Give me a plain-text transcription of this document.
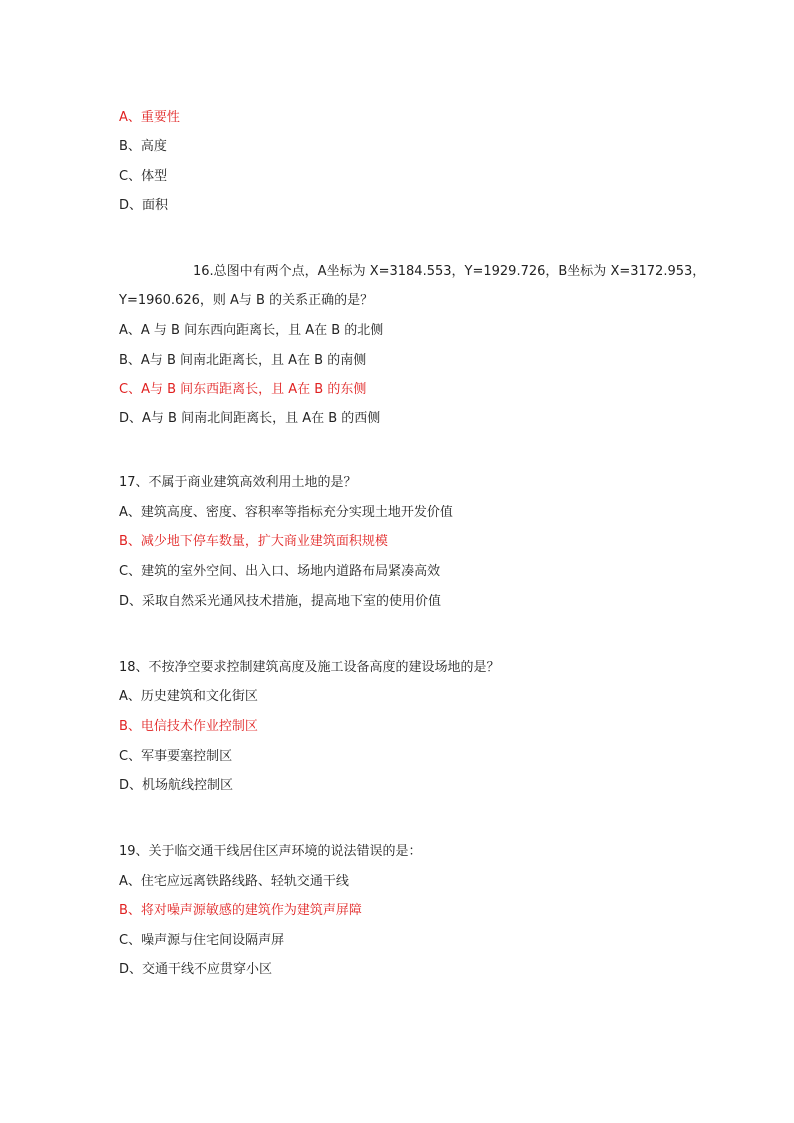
A、重要性
B、高度
C、体型
D、面积
16.总图中有两个点，A坐标为 X=3184.553，Y=1929.726，B坐标为 X=3172.953，
Y=1960.626，则 A与 B 的关系正确的是？
A、A 与 B 间东西向距离长，且 A在 B 的北侧
B、A与 B 间南北距离长，且 A在 B 的南侧
C、A与 B 间东西距离长，且 A在 B 的东侧
D、A与 B 间南北间距离长，且 A在 B 的西侧
17、不属于商业建筑高效利用土地的是？
A、建筑高度、密度、容积率等指标充分实现土地开发价值
B、减少地下停车数量，扩大商业建筑面积规模
C、建筑的室外空间、出入口、场地内道路布局紧凑高效
D、采取自然采光通风技术措施，提高地下室的使用价值
18、不按净空要求控制建筑高度及施工设备高度的建设场地的是？
A、历史建筑和文化街区
B、电信技术作业控制区
C、军事要塞控制区
D、机场航线控制区
19、关于临交通干线居住区声环境的说法错误的是：
A、住宅应远离铁路线路、轻轨交通干线
B、将对噪声源敏感的建筑作为建筑声屏障
C、噪声源与住宅间设隔声屏
D、交通干线不应贯穿小区
